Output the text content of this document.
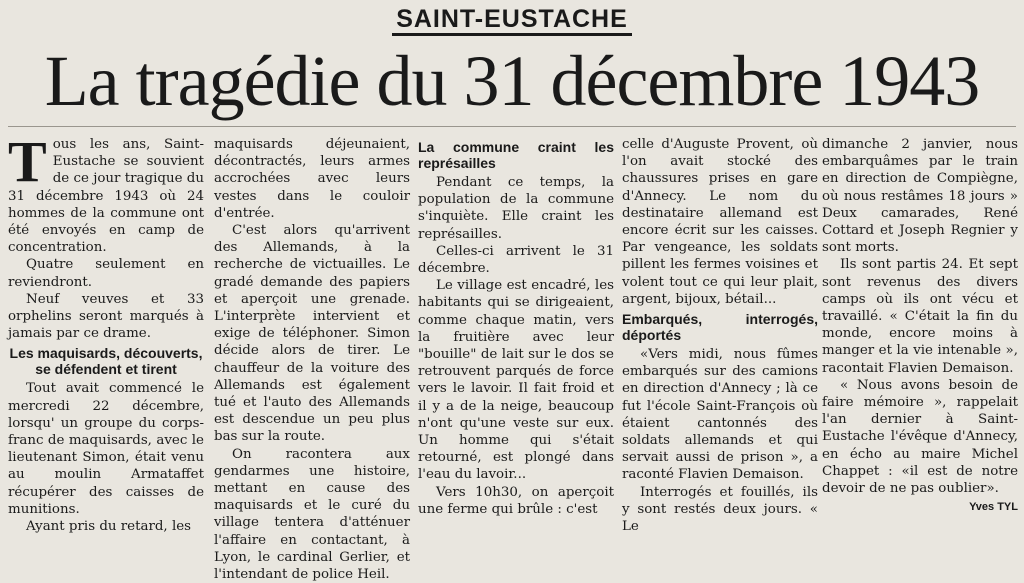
SAINT-EUSTACHE
La tragédie du 31 décembre 1943
T ous les ans, Saint-Eustache se souvient de ce jour tragique du 31 décembre 1943 où 24 hommes de la commune ont été envoyés en camp de concentration.

Quatre seulement en reviendront.

Neuf veuves et 33 orphelins seront marqués à jamais par ce drame.

Les maquisards, découverts, se défendent et tirent

Tout avait commencé le mercredi 22 décembre, lorsqu' un groupe du corps-franc de maquisards, avec le lieutenant Simon, était venu au moulin Armataffet récupérer des caisses de munitions.

Ayant pris du retard, les

maquisards déjeunaient, décontractés, leurs armes accrochées avec leurs vestes dans le couloir d'entrée.

C'est alors qu'arrivent des Allemands, à la recherche de victuailles. Le gradé demande des papiers et aperçoit une grenade. L'interprète intervient et exige de téléphoner. Simon décide alors de tirer. Le chauffeur de la voiture des Allemands est également tué et l'auto des Allemands est descendue un peu plus bas sur la route.

On racontera aux gendarmes une histoire, mettant en cause des maquisards et le curé du village tentera d'atténuer l'affaire en contactant, à Lyon, le cardinal Gerlier, et l'intendant de police Heil.

La commune craint les représailles

Pendant ce temps, la population de la commune s'inquiète. Elle craint les représailles.

Celles-ci arrivent le 31 décembre.

Le village est encadré, les habitants qui se dirigeaient, comme chaque matin, vers la fruitière avec leur "bouille" de lait sur le dos se retrouvent parqués de force vers le lavoir. Il fait froid et il y a de la neige, beaucoup n'ont qu'une veste sur eux. Un homme qui s'était retourné, est plongé dans l'eau du lavoir...

Vers 10h30, on aperçoit une ferme qui brûle : c'est

celle d'Auguste Provent, où l'on avait stocké des chaussures prises en gare d'Annecy. Le nom du destinataire allemand est encore écrit sur les caisses. Par vengeance, les soldats pillent les fermes voisines et volent tout ce qui leur plait, argent, bijoux, bétail...

Embarqués, interrogés, déportés

«Vers midi, nous fûmes embarqués sur des camions en direction d'Annecy ; là ce fut l'école Saint-François où étaient cantonnés des soldats allemands et qui servait aussi de prison », a raconté Flavien Demaison.

Interrogés et fouillés, ils y sont restés deux jours. « Le

dimanche 2 janvier, nous embarquâmes par le train en direction de Compiègne, où nous restâmes 18 jours » Deux camarades, René Cottard et Joseph Regnier y sont morts.

Ils sont partis 24. Et sept sont revenus des divers camps où ils ont vécu et travaillé. « C'était la fin du monde, encore moins à manger et la vie intenable », racontait Flavien Demaison.

« Nous avons besoin de faire mémoire », rappelait l'an dernier à Saint-Eustache l'évêque d'Annecy, en écho au maire Michel Chappet : «il est de notre devoir de ne pas oublier».

Yves TYL
